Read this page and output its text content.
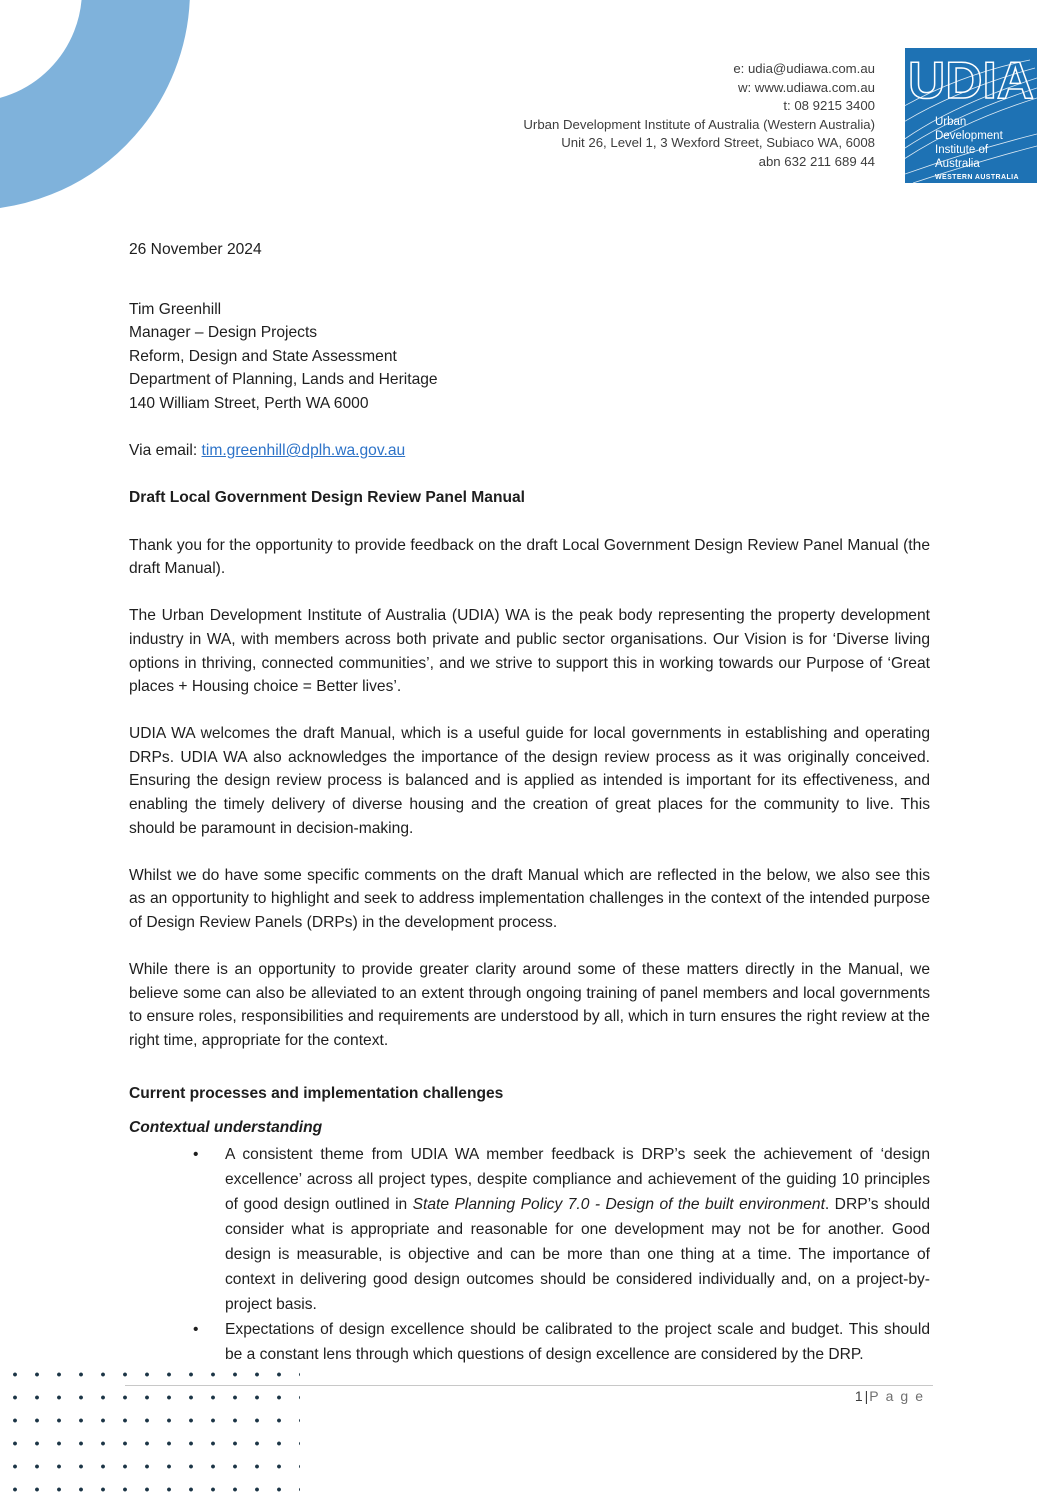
e: udia@udiawa.com.au
w: www.udiawa.com.au
t: 08 9215 3400
Urban Development Institute of Australia (Western Australia)
Unit 26, Level 1, 3 Wexford Street, Subiaco WA, 6008
abn 632 211 689 44
UDIA
Urban
Development
Institute of
Australia
WESTERN AUSTRALIA

26 November 2024

Tim Greenhill
Manager – Design Projects
Reform, Design and State Assessment
Department of Planning, Lands and Heritage
140 William Street, Perth WA 6000

Via email: tim.greenhill@dplh.wa.gov.au

Draft Local Government Design Review Panel Manual

Thank you for the opportunity to provide feedback on the draft Local Government Design Review Panel Manual (the draft Manual).

The Urban Development Institute of Australia (UDIA) WA is the peak body representing the property development industry in WA, with members across both private and public sector organisations. Our Vision is for ‘Diverse living options in thriving, connected communities’, and we strive to support this in working towards our Purpose of ‘Great places + Housing choice = Better lives’.

UDIA WA welcomes the draft Manual, which is a useful guide for local governments in establishing and operating DRPs. UDIA WA also acknowledges the importance of the design review process as it was originally conceived. Ensuring the design review process is balanced and is applied as intended is important for its effectiveness, and enabling the timely delivery of diverse housing and the creation of great places for the community to live. This should be paramount in decision-making.

Whilst we do have some specific comments on the draft Manual which are reflected in the below, we also see this as an opportunity to highlight and seek to address implementation challenges in the context of the intended purpose of Design Review Panels (DRPs) in the development process.

While there is an opportunity to provide greater clarity around some of these matters directly in the Manual, we believe some can also be alleviated to an extent through ongoing training of panel members and local governments to ensure roles, responsibilities and requirements are understood by all, which in turn ensures the right review at the right time, appropriate for the context.

Current processes and implementation challenges

Contextual understanding

• A consistent theme from UDIA WA member feedback is DRP’s seek the achievement of ‘design excellence’ across all project types, despite compliance and achievement of the guiding 10 principles of good design outlined in State Planning Policy 7.0 - Design of the built environment. DRP’s should consider what is appropriate and reasonable for one development may not be for another. Good design is measurable, is objective and can be more than one thing at a time. The importance of context in delivering good design outcomes should be considered individually and, on a project-by-project basis.
• Expectations of design excellence should be calibrated to the project scale and budget. This should be a constant lens through which questions of design excellence are considered by the DRP.
1 |Page
